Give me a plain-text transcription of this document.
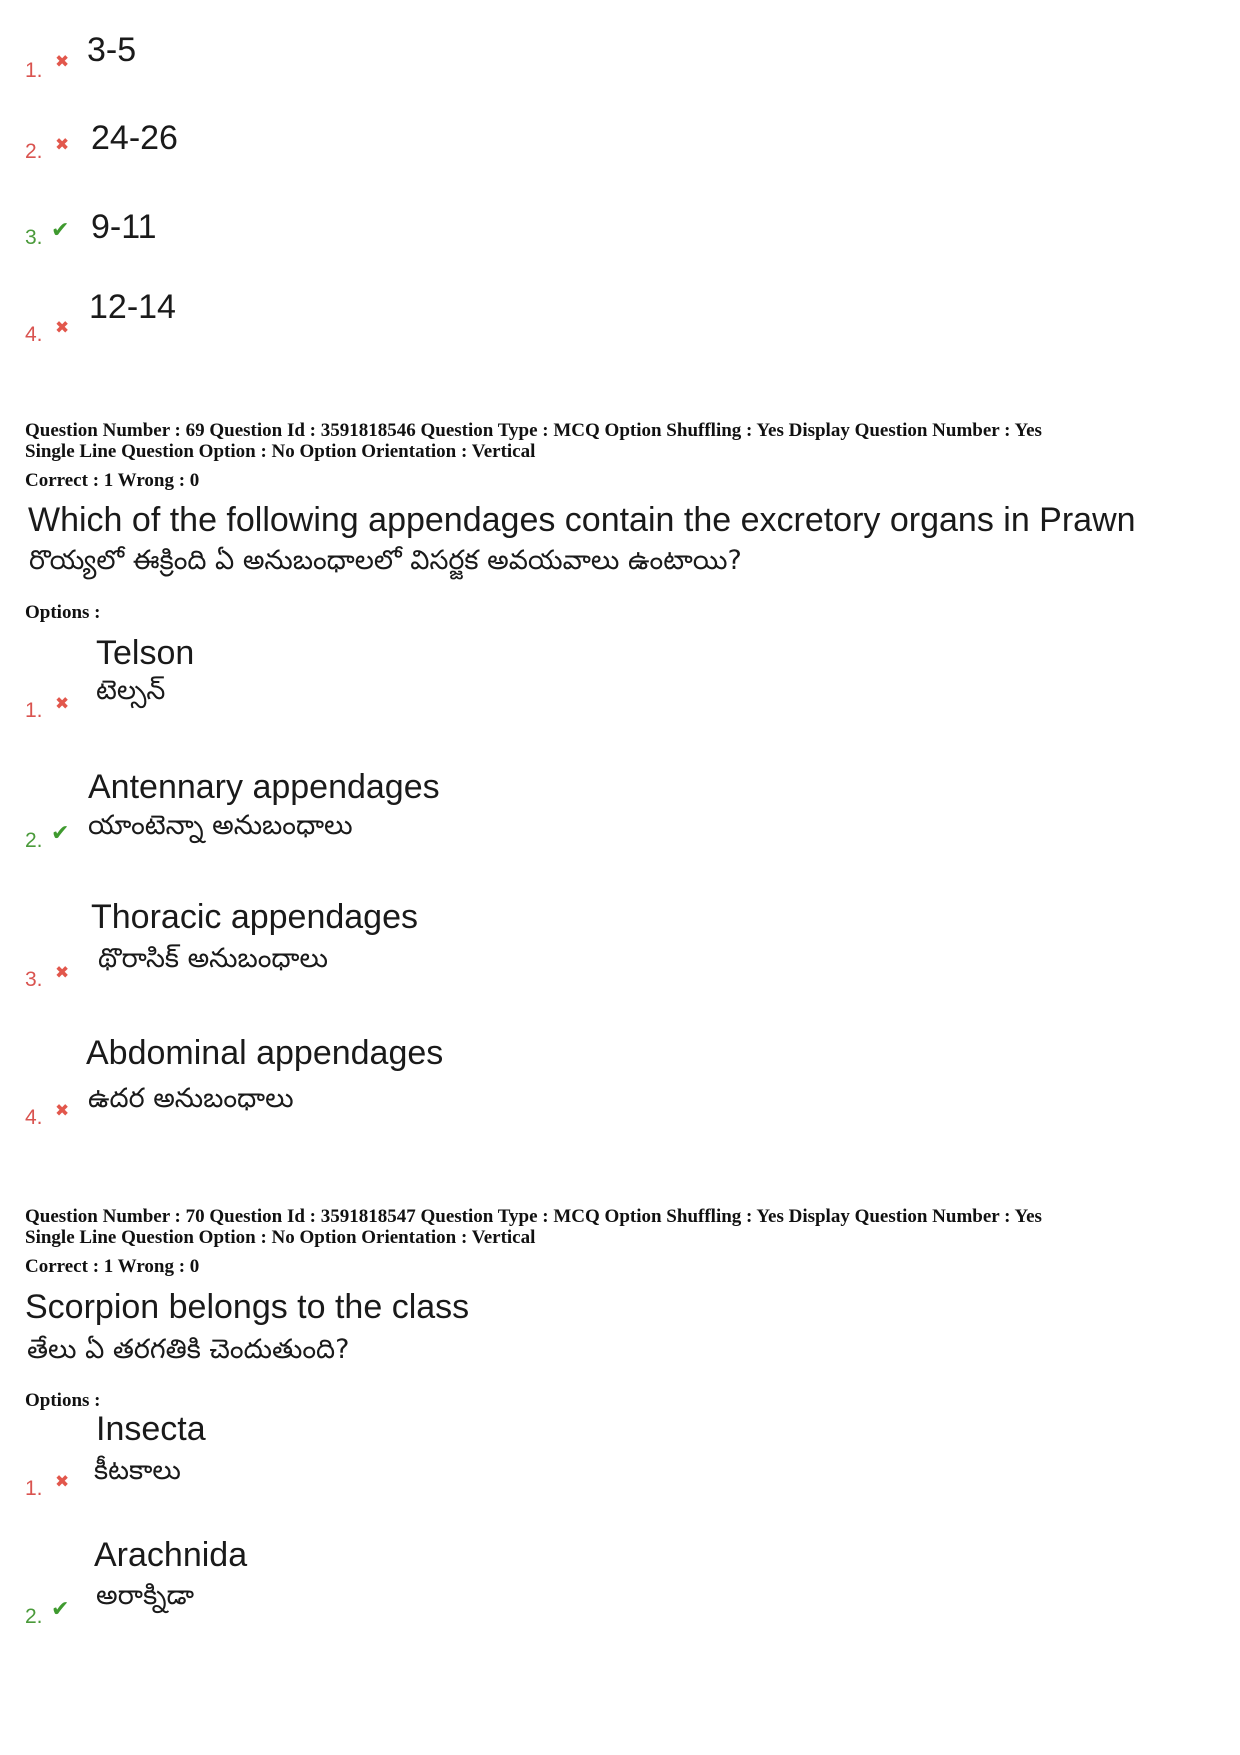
1. ✖ 3-5
2. ✖ 24-26
3. ✔ 9-11
4. ✖
12-14
Question Number : 69 Question Id : 3591818546 Question Type : MCQ Option Shuffling : Yes Display Question Number : Yes
Single Line Question Option : No Option Orientation : Vertical
Correct : 1 Wrong : 0
Which of the following appendages contain the excretory organs in Prawn
రొయ్యలో ఈక్రింది ఏ అనుబంధాలలో విసర్జక అవయవాలు ఉంటాయి?
Options :
1. ✖
Telson
టెల్సన్
2. ✔
Antennary appendages
యాంటెన్నా అనుబంధాలు
3. ✖
Thoracic appendages
థొరాసిక్ అనుబంధాలు
4. ✖
Abdominal appendages
ఉదర అనుబంధాలు
Question Number : 70 Question Id : 3591818547 Question Type : MCQ Option Shuffling : Yes Display Question Number : Yes
Single Line Question Option : No Option Orientation : Vertical
Correct : 1 Wrong : 0
Scorpion belongs to the class
తేలు ఏ తరగతికి చెందుతుంది?
Options :
1. ✖
Insecta
కీటకాలు
2. ✔
Arachnida
అరాక్నిడా
